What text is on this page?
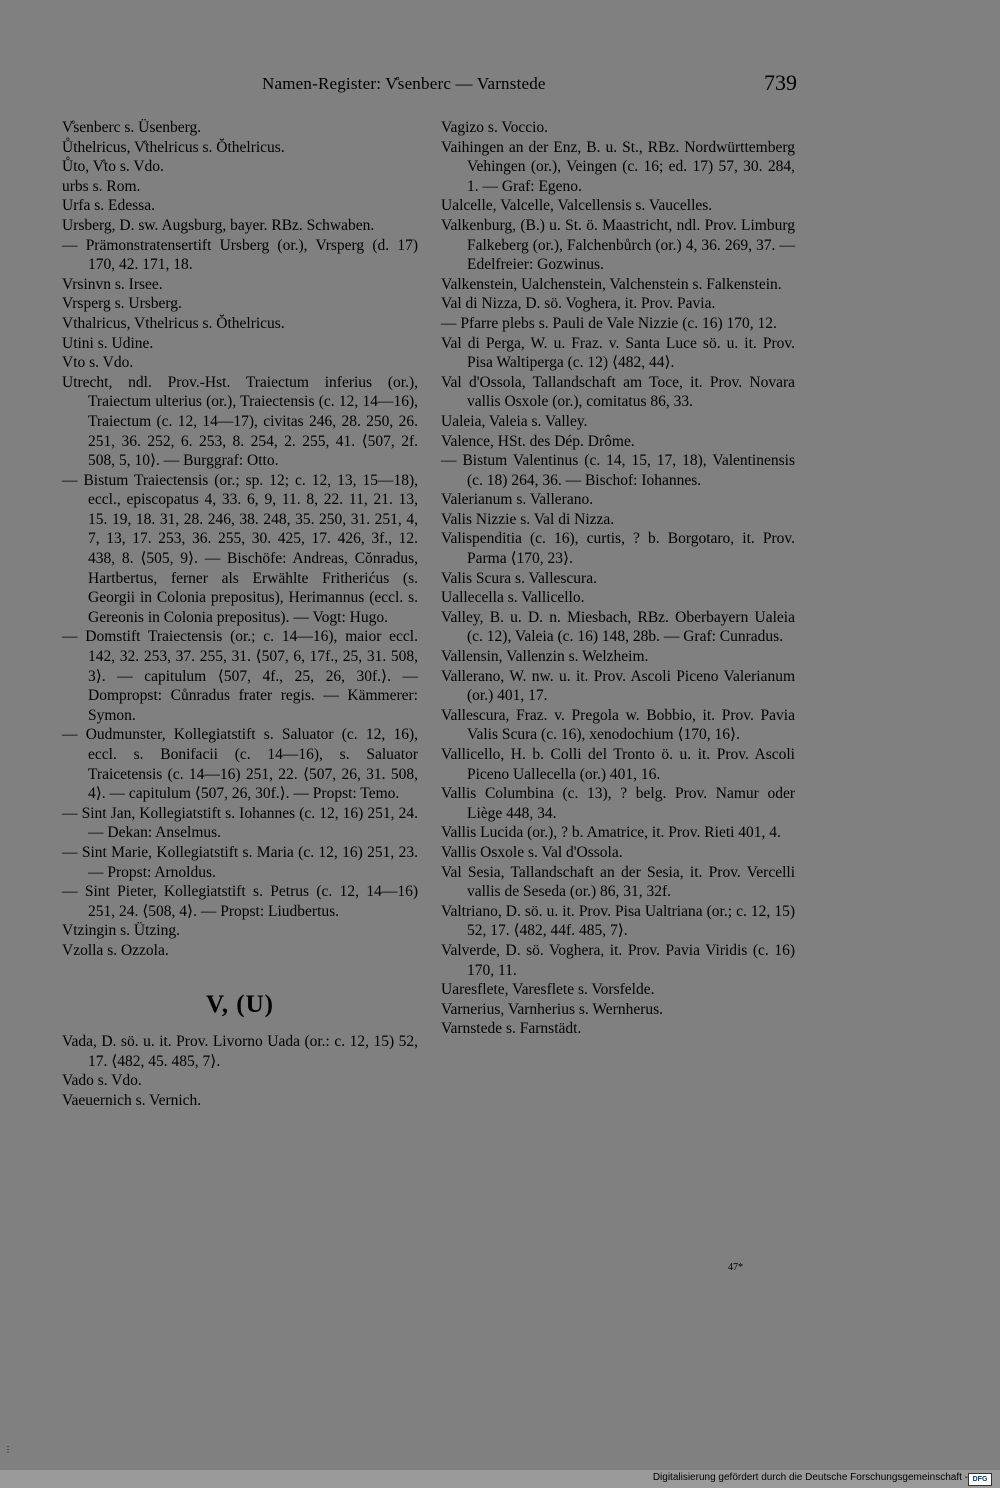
Namen-Register: V̊senberc — Varnstede	739

V̊senberc s. Üsenberg.

Ůthelricus, V̊thelricus s. Ŏthelricus.

Ůto, V̊to s. Vdo.

urbs s. Rom.

Urfa s. Edessa.

Ursberg, D. sw. Augsburg, bayer. RBz. Schwaben.

— Prämonstratensertift Ursberg (or.), Vrsperg (d. 17) 170, 42. 171, 18.

Vrsinvn s. Irsee.

Vrsperg s. Ursberg.

Vthalricus, Vthelricus s. Ŏthelricus.

Utini s. Udine.

Vto s. Vdo.

Utrecht, ndl. Prov.-Hst. Traiectum inferius (or.), Traiectum ulterius (or.), Traiectensis (c. 12, 14—16), Traiectum (c. 12, 14—17), civitas 246, 28. 250, 26. 251, 36. 252, 6. 253, 8. 254, 2. 255, 41. ⟨507, 2f. 508, 5, 10⟩. — Burggraf: Otto.

— Bistum Traiectensis (or.; sp. 12; c. 12, 13, 15—18), eccl., episcopatus 4, 33. 6, 9, 11. 8, 22. 11, 21. 13, 15. 19, 18. 31, 28. 246, 38. 248, 35. 250, 31. 251, 4, 7, 13, 17. 253, 36. 255, 30. 425, 17. 426, 3f., 12. 438, 8. ⟨505, 9⟩. — Bischöfe: Andreas, Cŏnradus, Hartbertus, ferner als Erwählte Fritherićus (s. Georgii in Colonia prepositus), Herimannus (eccl. s. Gereonis in Colonia prepositus). — Vogt: Hugo.

— Domstift Traiectensis (or.; c. 14—16), maior eccl. 142, 32. 253, 37. 255, 31. ⟨507, 6, 17f., 25, 31. 508, 3⟩. — capitulum ⟨507, 4f., 25, 26, 30f.⟩. — Dompropst: Cůnradus frater regis. — Kämmerer: Symon.

— Oudmunster, Kollegiatstift s. Saluator (c. 12, 16), eccl. s. Bonifacii (c. 14—16), s. Saluator Traicetensis (c. 14—16) 251, 22. ⟨507, 26, 31. 508, 4⟩. — capitulum ⟨507, 26, 30f.⟩. — Propst: Temo.

— Sint Jan, Kollegiatstift s. Iohannes (c. 12, 16) 251, 24. — Dekan: Anselmus.

— Sint Marie, Kollegiatstift s. Maria (c. 12, 16) 251, 23. — Propst: Arnoldus.

— Sint Pieter, Kollegiatstift s. Petrus (c. 12, 14—16) 251, 24. ⟨508, 4⟩. — Propst: Liudbertus.

Vtzingin s. Ützing.

Vzolla s. Ozzola.

V, (U)

Vada, D. sö. u. it. Prov. Livorno Uada (or.: c. 12, 15) 52, 17. ⟨482, 45. 485, 7⟩.

Vado s. Vdo.

Vaeuernich s. Vernich.

Vagizo s. Voccio.

Vaihingen an der Enz, B. u. St., RBz. Nordwürttemberg Vehingen (or.), Veingen (c. 16; ed. 17) 57, 30. 284, 1. — Graf: Egeno.

Ualcelle, Valcelle, Valcellensis s. Vaucelles.

Valkenburg, (B.) u. St. ö. Maastricht, ndl. Prov. Limburg Falkeberg (or.), Falchenbůrch (or.) 4, 36. 269, 37. — Edelfreier: Gozwinus.

Valkenstein, Ualchenstein, Valchenstein s. Falkenstein.

Val di Nizza, D. sö. Voghera, it. Prov. Pavia.

— Pfarre plebs s. Pauli de Vale Nizzie (c. 16) 170, 12.

Val di Perga, W. u. Fraz. v. Santa Luce sö. u. it. Prov. Pisa Waltiperga (c. 12) ⟨482, 44⟩.

Val d'Ossola, Tallandschaft am Toce, it. Prov. Novara vallis Osxole (or.), comitatus 86, 33.

Ualeia, Valeia s. Valley.

Valence, HSt. des Dép. Drôme.

— Bistum Valentinus (c. 14, 15, 17, 18), Valentinensis (c. 18) 264, 36. — Bischof: Iohannes.

Valerianum s. Vallerano.

Valis Nizzie s. Val di Nizza.

Valispenditia (c. 16), curtis, ? b. Borgotaro, it. Prov. Parma ⟨170, 23⟩.

Valis Scura s. Vallescura.

Uallecella s. Vallicello.

Valley, B. u. D. n. Miesbach, RBz. Oberbayern Ualeia (c. 12), Valeia (c. 16) 148, 28b. — Graf: Cunradus.

Vallensin, Vallenzin s. Welzheim.

Vallerano, W. nw. u. it. Prov. Ascoli Piceno Valerianum (or.) 401, 17.

Vallescura, Fraz. v. Pregola w. Bobbio, it. Prov. Pavia Valis Scura (c. 16), xenodochium ⟨170, 16⟩.

Vallicello, H. b. Colli del Tronto ö. u. it. Prov. Ascoli Piceno Uallecella (or.) 401, 16.

Vallis Columbina (c. 13), ? belg. Prov. Namur oder Liège 448, 34.

Vallis Lucida (or.), ? b. Amatrice, it. Prov. Rieti 401, 4.

Vallis Osxole s. Val d'Ossola.

Val Sesia, Tallandschaft an der Sesia, it. Prov. Vercelli vallis de Seseda (or.) 86, 31, 32f.

Valtriano, D. sö. u. it. Prov. Pisa Ualtriana (or.; c. 12, 15) 52, 17. ⟨482, 44f. 485, 7⟩.

Valverde, D. sö. Voghera, it. Prov. Pavia Viridis (c. 16) 170, 11.

Uaresflete, Varesflete s. Vorsfelde.

Varnerius, Varnherius s. Wernherus.

Varnstede s. Farnstädt.

47*
⋮
Digitalisierung gefördert durch die Deutsche Forschungsgemeinschaft - DFG
